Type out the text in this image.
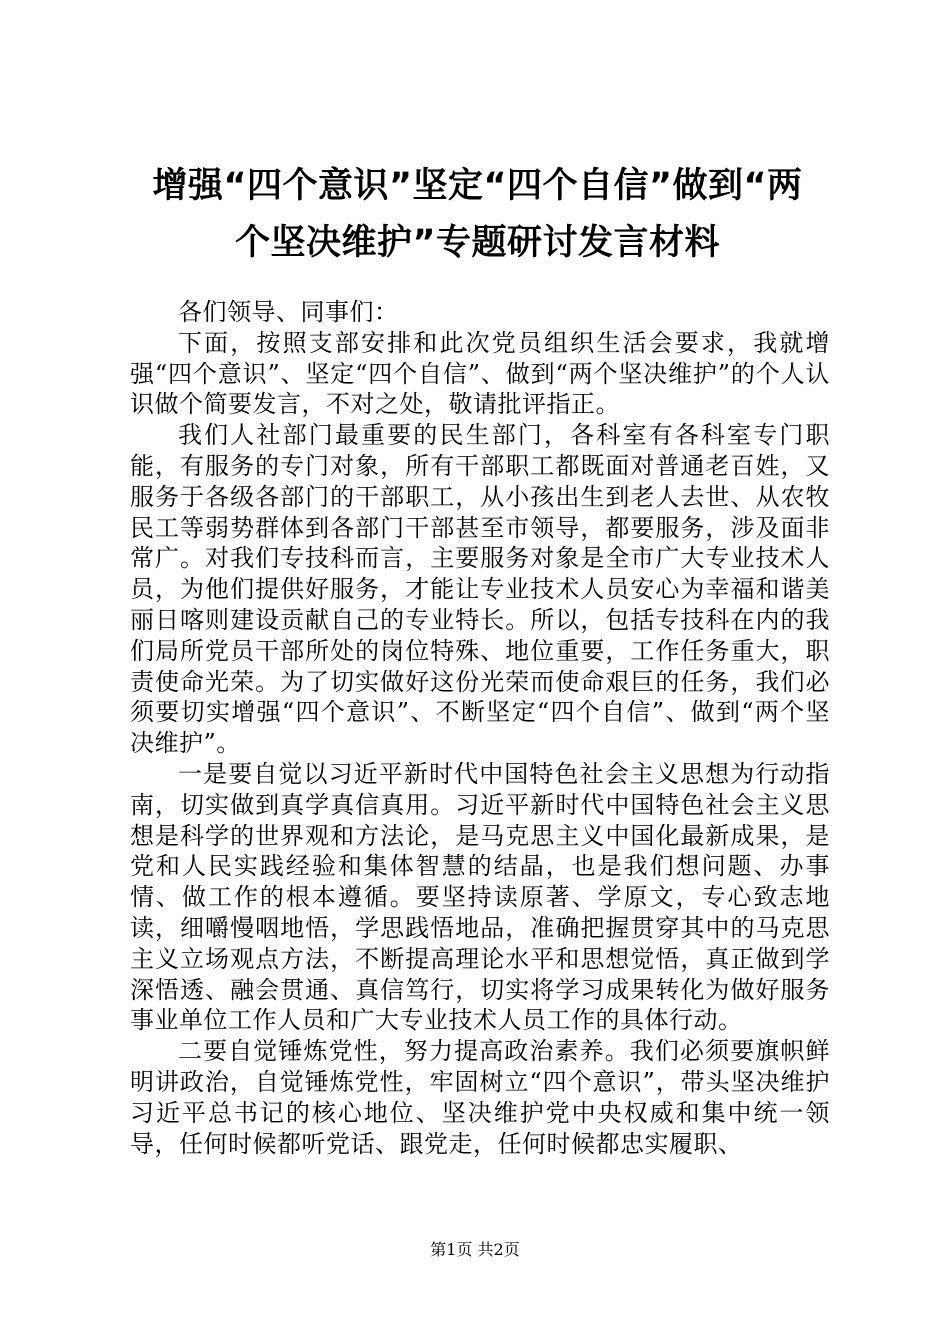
增强“四个意识”坚定“四个自信”做到“两
个坚决维护”专题研讨发言材料

各们领导、同事们：

下面，按照支部安排和此次党员组织生活会要求，我就增强“四个意识”、坚定“四个自信”、做到“两个坚决维护”的个人认识做个简要发言，不对之处，敬请批评指正。

我们人社部门最重要的民生部门，各科室有各科室专门职能，有服务的专门对象，所有干部职工都既面对普通老百姓，又服务于各级各部门的干部职工，从小孩出生到老人去世、从农牧民工等弱势群体到各部门干部甚至市领导，都要服务，涉及面非常广。对我们专技科而言，主要服务对象是全市广大专业技术人员，为他们提供好服务，才能让专业技术人员安心为幸福和谐美丽日喀则建设贡献自己的专业特长。所以，包括专技科在内的我们局所党员干部所处的岗位特殊、地位重要，工作任务重大，职责使命光荣。为了切实做好这份光荣而使命艰巨的任务，我们必须要切实增强“四个意识”、不断坚定“四个自信”、做到“两个坚决维护”。

一是要自觉以习近平新时代中国特色社会主义思想为行动指南，切实做到真学真信真用。习近平新时代中国特色社会主义思想是科学的世界观和方法论，是马克思主义中国化最新成果，是党和人民实践经验和集体智慧的结晶，也是我们想问题、办事情、做工作的根本遵循。要坚持读原著、学原文，专心致志地读，细嚼慢咽地悟，学思践悟地品，准确把握贯穿其中的马克思主义立场观点方法，不断提高理论水平和思想觉悟，真正做到学深悟透、融会贯通、真信笃行，切实将学习成果转化为做好服务事业单位工作人员和广大专业技术人员工作的具体行动。

二要自觉锤炼党性，努力提高政治素养。我们必须要旗帜鲜明讲政治，自觉锤炼党性，牢固树立“四个意识”，带头坚决维护习近平总书记的核心地位、坚决维护党中央权威和集中统一领导，任何时候都听党话、跟党走，任何时候都忠实履职、

第1页 共2页
